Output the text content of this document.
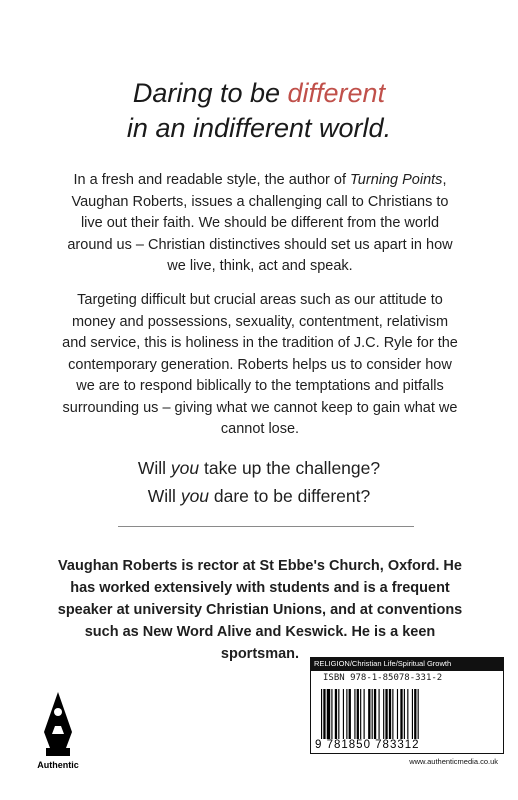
Daring to be different
in an indifferent world.
In a fresh and readable style, the author of Turning Points, Vaughan Roberts, issues a challenging call to Christians to live out their faith. We should be different from the world around us – Christian distinctives should set us apart in how we live, think, act and speak.
Targeting difficult but crucial areas such as our attitude to money and possessions, sexuality, contentment, relativism and service, this is holiness in the tradition of J.C. Ryle for the contemporary generation. Roberts helps us to consider how we are to respond biblically to the temptations and pitfalls surrounding us – giving what we cannot keep to gain what we cannot lose.
Will you take up the challenge?
Will you dare to be different?
Vaughan Roberts is rector at St Ebbe's Church, Oxford. He has worked extensively with students and is a frequent speaker at university Christian Unions, and at conventions such as New Word Alive and Keswick. He is a keen sportsman.
Authentic
RELIGION/Christian Life/Spiritual Growth
ISBN 978-1-85078-331-2
9 781850 783312
www.authenticmedia.co.uk
